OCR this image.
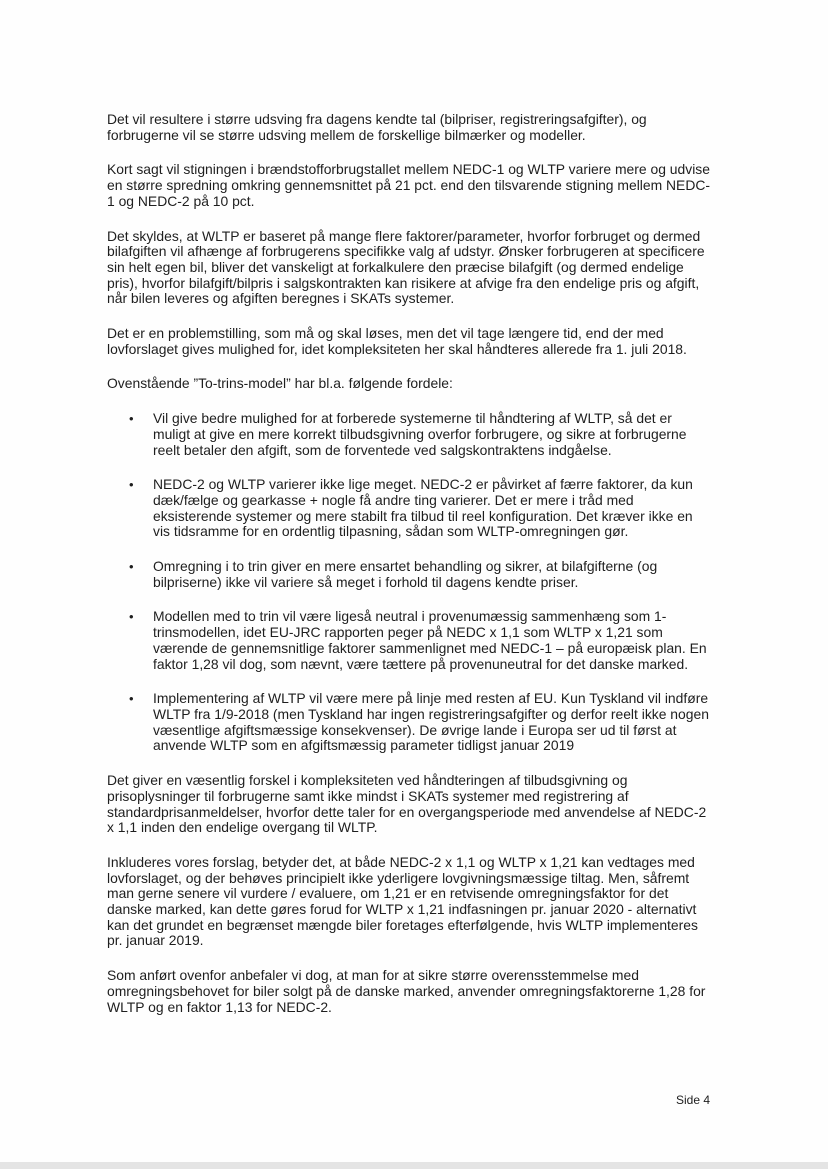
Det vil resultere i større udsving fra dagens kendte tal (bilpriser, registreringsafgifter), og forbrugerne vil se større udsving mellem de forskellige bilmærker og modeller.

Kort sagt vil stigningen i brændstofforbrugstallet mellem NEDC-1 og WLTP variere mere og udvise en større spredning omkring gennemsnittet på 21 pct. end den tilsvarende stigning mellem NEDC-1 og NEDC-2 på 10 pct.

Det skyldes, at WLTP er baseret på mange flere faktorer/parameter, hvorfor forbruget og dermed bilafgiften vil afhænge af forbrugerens specifikke valg af udstyr. Ønsker forbrugeren at specificere sin helt egen bil, bliver det vanskeligt at forkalkulere den præcise bilafgift (og dermed endelige pris), hvorfor bilafgift/bilpris i salgskontrakten kan risikere at afvige fra den endelige pris og afgift, når bilen leveres og afgiften beregnes i SKATs systemer.

Det er en problemstilling, som må og skal løses, men det vil tage længere tid, end der med lovforslaget gives mulighed for, idet kompleksiteten her skal håndteres allerede fra 1. juli 2018.

Ovenstående ”To-trins-model” har bl.a. følgende fordele:

• Vil give bedre mulighed for at forberede systemerne til håndtering af WLTP, så det er muligt at give en mere korrekt tilbudsgivning overfor forbrugere, og sikre at forbrugerne reelt betaler den afgift, som de forventede ved salgskontraktens indgåelse.
• NEDC-2 og WLTP varierer ikke lige meget. NEDC-2 er påvirket af færre faktorer, da kun dæk/fælge og gearkasse + nogle få andre ting varierer. Det er mere i tråd med eksisterende systemer og mere stabilt fra tilbud til reel konfiguration. Det kræver ikke en vis tidsramme for en ordentlig tilpasning, sådan som WLTP-omregningen gør.
• Omregning i to trin giver en mere ensartet behandling og sikrer, at bilafgifterne (og bilpriserne) ikke vil variere så meget i forhold til dagens kendte priser.
• Modellen med to trin vil være ligeså neutral i provenumæssig sammenhæng som 1-trinsmodellen, idet EU-JRC rapporten peger på NEDC x 1,1 som WLTP x 1,21 som værende de gennemsnitlige faktorer sammenlignet med NEDC-1 – på europæisk plan. En faktor 1,28 vil dog, som nævnt, være tættere på provenuneutral for det danske marked.
• Implementering af WLTP vil være mere på linje med resten af EU. Kun Tyskland vil indføre WLTP fra 1/9-2018 (men Tyskland har ingen registreringsafgifter og derfor reelt ikke nogen væsentlige afgiftsmæssige konsekvenser). De øvrige lande i Europa ser ud til først at anvende WLTP som en afgiftsmæssig parameter tidligst januar 2019

Det giver en væsentlig forskel i kompleksiteten ved håndteringen af tilbudsgivning og prisoplysninger til forbrugerne samt ikke mindst i SKATs systemer med registrering af standardprisanmeldelser, hvorfor dette taler for en overgangsperiode med anvendelse af NEDC-2 x 1,1 inden den endelige overgang til WLTP.

Inkluderes vores forslag, betyder det, at både NEDC-2 x 1,1 og WLTP x 1,21 kan vedtages med lovforslaget, og der behøves principielt ikke yderligere lovgivningsmæssige tiltag. Men, såfremt man gerne senere vil vurdere / evaluere, om 1,21 er en retvisende omregningsfaktor for det danske marked, kan dette gøres forud for WLTP x 1,21 indfasningen pr. januar 2020 - alternativt kan det grundet en begrænset mængde biler foretages efterfølgende, hvis WLTP implementeres pr. januar 2019.

Som anført ovenfor anbefaler vi dog, at man for at sikre større overensstemmelse med omregningsbehovet for biler solgt på de danske marked, anvender omregningsfaktorerne 1,28 for WLTP og en faktor 1,13 for NEDC-2.

Side 4
